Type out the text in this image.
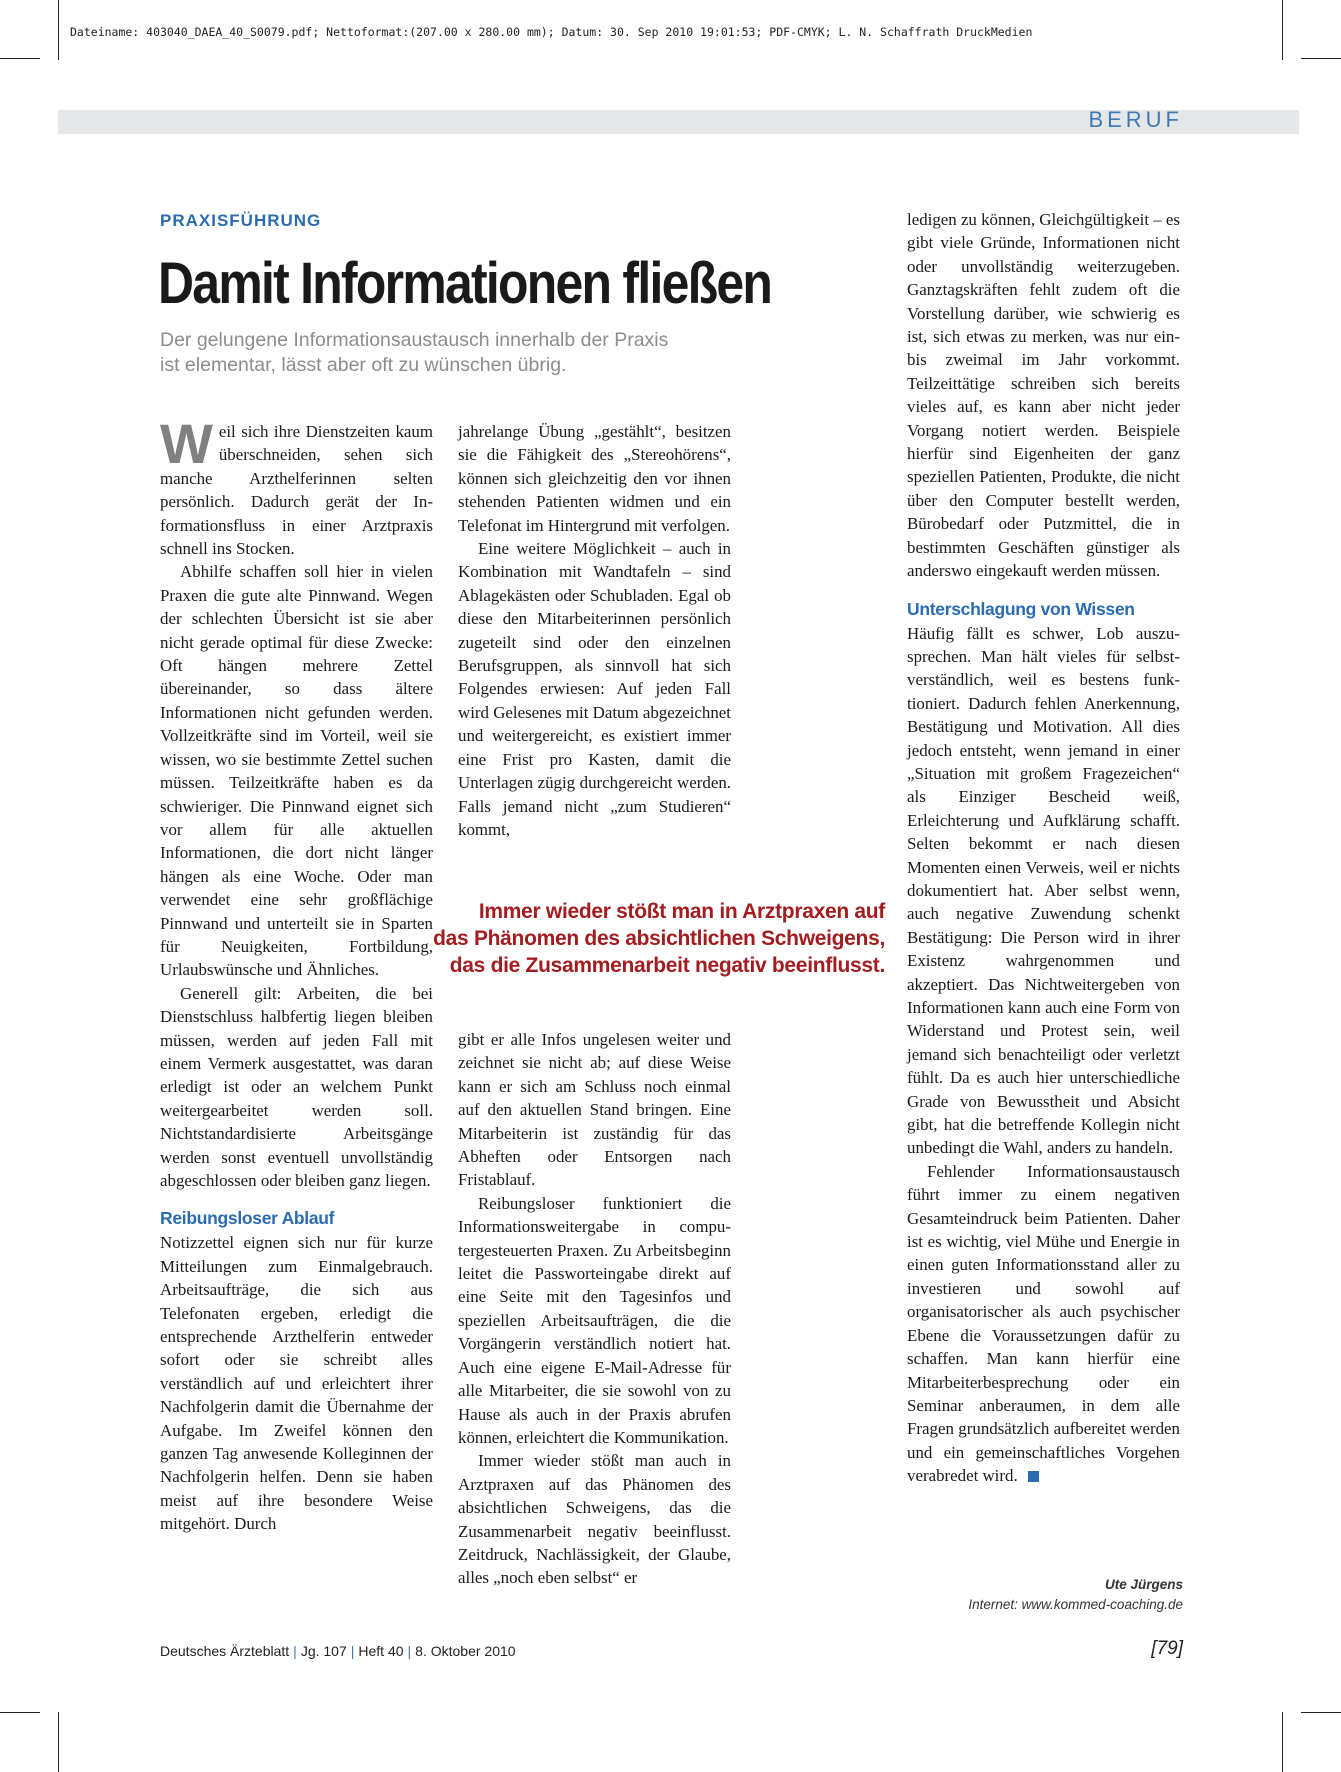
Dateiname: 403040_DAEA_40_S0079.pdf; Nettoformat:(207.00 x 280.00 mm); Datum: 30. Sep 2010 19:01:53; PDF-CMYK; L. N. Schaffrath DruckMedien
BERUF
PRAXISFÜHRUNG
Damit Informationen fließen
Der gelungene Informationsaustausch innerhalb der Praxis
ist elementar, lässt aber oft zu wünschen übrig.

Weil sich ihre Dienstzeiten kaum überschneiden, sehen sich manche Arzthelferinnen selten persönlich. Dadurch gerät der Informationsfluss in einer Arztpraxis schnell ins Stocken.

Abhilfe schaffen soll hier in vielen Praxen die gute alte Pinnwand. Wegen der schlechten Übersicht ist sie aber nicht gerade optimal für diese Zwecke: Oft hängen mehrere Zettel übereinander, so dass ältere Informationen nicht gefunden werden. Vollzeitkräfte sind im Vorteil, weil sie wissen, wo sie bestimmte Zettel suchen müssen. Teilzeitkräfte haben es da schwieriger. Die Pinnwand eignet sich vor allem für alle aktuellen Informationen, die dort nicht länger hängen als eine Woche. Oder man verwendet eine sehr großflächige Pinnwand und unterteilt sie in Sparten für Neuigkeiten, Fortbildung, Urlaubswünsche und Ähnliches.

Generell gilt: Arbeiten, die bei Dienstschluss halbfertig liegen bleiben müssen, werden auf jeden Fall mit einem Vermerk ausgestattet, was daran erledigt ist oder an welchem Punkt weitergearbeitet werden soll. Nichtstandardisierte Arbeitsgänge werden sonst eventuell unvollständig abgeschlossen oder bleiben ganz liegen.

Reibungsloser Ablauf

Notizzettel eignen sich nur für kurze Mitteilungen zum Einmalgebrauch. Arbeitsaufträge, die sich aus Telefonaten ergeben, erledigt die entsprechende Arzthelferin entweder sofort oder sie schreibt alles verständlich auf und erleichtert ihrer Nachfolgerin damit die Übernahme der Aufgabe. Im Zweifel können den ganzen Tag anwesende Kolleginnen der Nachfolgerin helfen. Denn sie haben meist auf ihre besondere Weise mitgehört. Durch

jahrelange Übung „gestählt“, besitzen sie die Fähigkeit des „Stereohörens“, können sich gleichzeitig den vor ihnen stehenden Patienten widmen und ein Telefonat im Hintergrund mit verfolgen.

Eine weitere Möglichkeit – auch in Kombination mit Wandtafeln – sind Ablagekästen oder Schubladen. Egal ob diese den Mitarbeiterinnen persönlich zugeteilt sind oder den einzelnen Berufsgruppen, als sinnvoll hat sich Folgendes erwiesen: Auf jeden Fall wird Gelesenes mit Datum abgezeichnet und weitergereicht, es existiert immer eine Frist pro Kasten, damit die Unterlagen zügig durchgereicht werden. Falls jemand nicht „zum Studieren“ kommt,

Immer wieder stößt man in Arztpraxen auf
das Phänomen des absichtlichen Schweigens,
das die Zusammenarbeit negativ beeinflusst.

gibt er alle Infos ungelesen weiter und zeichnet sie nicht ab; auf diese Weise kann er sich am Schluss noch einmal auf den aktuellen Stand bringen. Eine Mitarbeiterin ist zuständig für das Abheften oder Entsorgen nach Fristablauf.

Reibungsloser funktioniert die Informationsweitergabe in computergesteuerten Praxen. Zu Arbeitsbeginn leitet die Passworteingabe direkt auf eine Seite mit den Tagesinfos und speziellen Arbeitsaufträgen, die die Vorgängerin verständlich notiert hat. Auch eine eigene E-Mail-Adresse für alle Mitarbeiter, die sie sowohl von zu Hause als auch in der Praxis abrufen können, erleichtert die Kommunikation.

Immer wieder stößt man auch in Arztpraxen auf das Phänomen des absichtlichen Schweigens, das die Zusammenarbeit negativ beeinflusst. Zeitdruck, Nachlässigkeit, der Glaube, alles „noch eben selbst“ er

ledigen zu können, Gleichgültigkeit – es gibt viele Gründe, Informationen nicht oder unvollständig weiterzugeben. Ganztagskräften fehlt zudem oft die Vorstellung darüber, wie schwierig es ist, sich etwas zu merken, was nur ein- bis zweimal im Jahr vorkommt. Teilzeittätige schreiben sich bereits vieles auf, es kann aber nicht jeder Vorgang notiert werden. Beispiele hierfür sind Eigenheiten der ganz speziellen Patienten, Produkte, die nicht über den Computer bestellt werden, Bürobedarf oder Putzmittel, die in bestimmten Geschäften günstiger als anderswo eingekauft werden müssen.

Unterschlagung von Wissen

Häufig fällt es schwer, Lob auszusprechen. Man hält vieles für selbstverständlich, weil es bestens funktioniert. Dadurch fehlen Anerkennung, Bestätigung und Motivation. All dies jedoch entsteht, wenn jemand in einer „Situation mit großem Fragezeichen“ als Einziger Bescheid weiß, Erleichterung und Aufklärung schafft. Selten bekommt er nach diesen Momenten einen Verweis, weil er nichts dokumentiert hat. Aber selbst wenn, auch negative Zuwendung schenkt Bestätigung: Die Person wird in ihrer Existenz wahrgenommen und akzeptiert. Das Nichtweitergeben von Informationen kann auch eine Form von Widerstand und Protest sein, weil jemand sich benachteiligt oder verletzt fühlt. Da es auch hier unterschiedliche Grade von Bewusstheit und Absicht gibt, hat die betreffende Kollegin nicht unbedingt die Wahl, anders zu handeln.

Fehlender Informationsaustausch führt immer zu einem negativen Gesamteindruck beim Patienten. Daher ist es wichtig, viel Mühe und Energie in einen guten Informationsstand aller zu investieren und sowohl auf organisatorischer als auch psychischer Ebene die Voraussetzungen dafür zu schaffen. Man kann hierfür eine Mitarbeiterbesprechung oder ein Seminar anberaumen, in dem alle Fragen grundsätzlich aufbereitet werden und ein gemeinschaftliches Vorgehen verabredet wird.

Ute Jürgens
Internet: www.kommed-coaching.de
Deutsches Ärzteblatt | Jg. 107 | Heft 40 | 8. Oktober 2010	[79]
